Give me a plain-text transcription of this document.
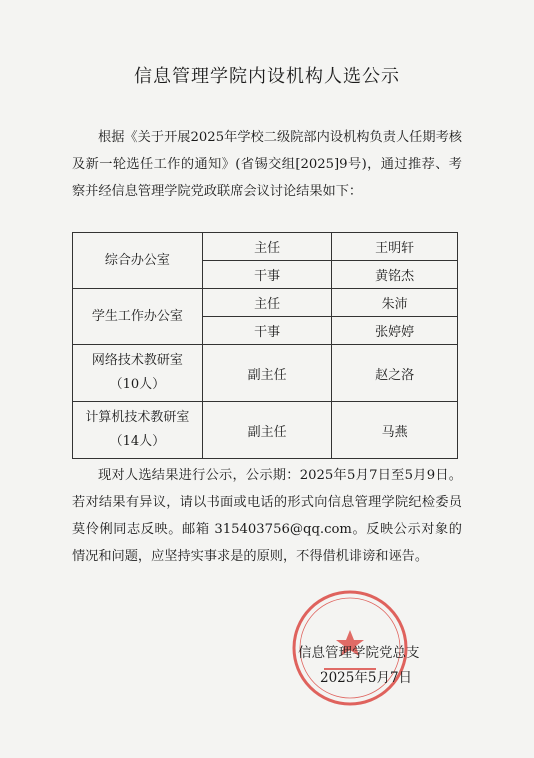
信息管理学院内设机构人选公示

根据《关于开展2025年学校二级院部内设机构负责人任期考核及新一轮选任工作的通知》(省锡交组[2025]9号)，通过推荐、考察并经信息管理学院党政联席会议讨论结果如下：

综合办公室	主任	王明轩
	干事	黄铭杰
学生工作办公室	主任	朱沛
	干事	张婷婷

网络技术教研室
（10人）	副主任	赵之洛

计算机技术教研室
（14人）	副主任	马燕

现对人选结果进行公示，公示期：2025年5月7日至5月9日。若对结果有异议，请以书面或电话的形式向信息管理学院纪检委员莫伶俐同志反映。邮箱 315403756@qq.com。反映公示对象的情况和问题，应坚持实事求是的原则，不得借机诽谤和诬告。

信息管理学院党总支
2025年5月7日
